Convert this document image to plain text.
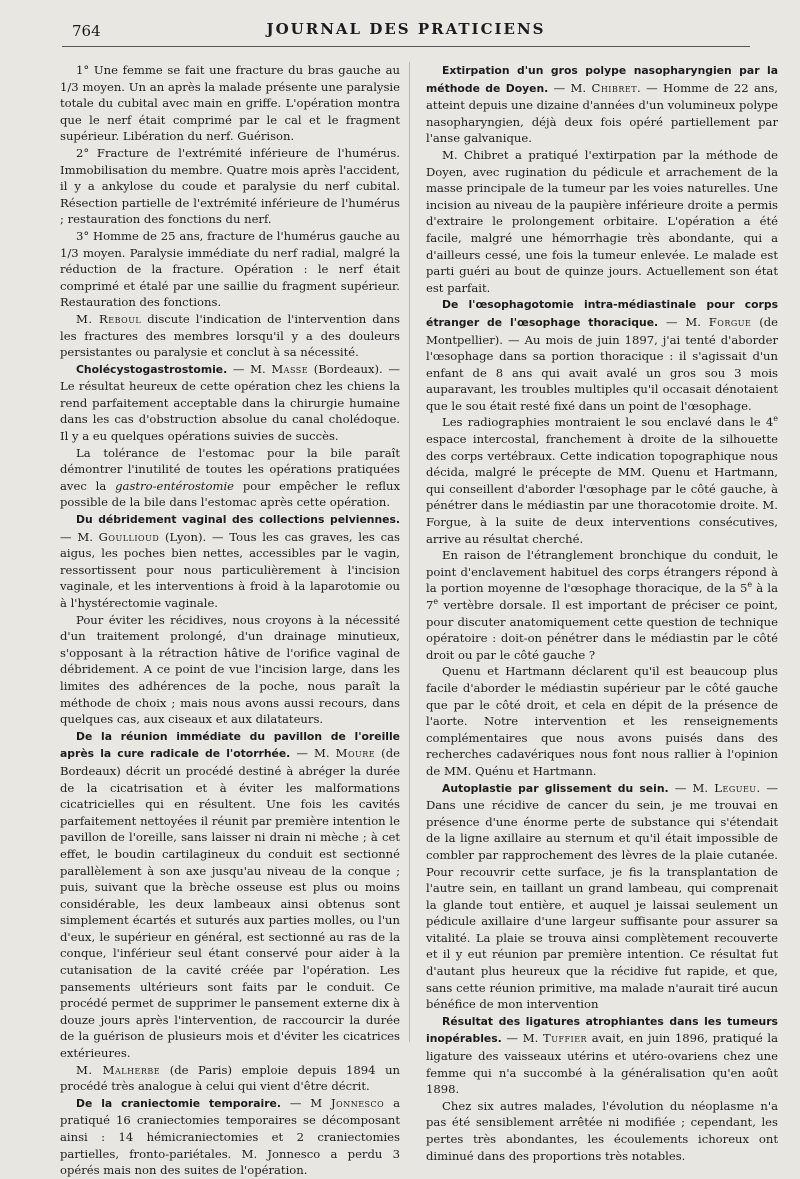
764	JOURNAL DES PRATICIENS

1° Une femme se fait une fracture du bras gauche au 1/3 moyen. Un an après la malade présente une paralysie totale du cubital avec main en griffe. L'opération montra que le nerf était comprimé par le cal et le fragment supérieur. Libération du nerf. Guérison.

2° Fracture de l'extrémité inférieure de l'humérus. Immobilisation du membre. Quatre mois après l'accident, il y a ankylose du coude et paralysie du nerf cubital. Résection partielle de l'extrémité inférieure de l'humérus ; restauration des fonctions du nerf.

3° Homme de 25 ans, fracture de l'humérus gauche au 1/3 moyen. Paralysie immédiate du nerf radial, malgré la réduction de la fracture. Opération : le nerf était comprimé et étalé par une saillie du fragment supérieur. Restauration des fonctions.

M. Reboul discute l'indication de l'intervention dans les fractures des membres lorsqu'il y a des douleurs persistantes ou paralysie et conclut à sa nécessité.

Cholécystogastrostomie. — M. Masse (Bordeaux). — Le résultat heureux de cette opération chez les chiens la rend parfaitement acceptable dans la chirurgie humaine dans les cas d'obstruction absolue du canal cholédoque. Il y a eu quelques opérations suivies de succès.

La tolérance de l'estomac pour la bile paraît démontrer l'inutilité de toutes les opérations pratiquées avec la gastro-entérostomie pour empêcher le reflux possible de la bile dans l'estomac après cette opération.

Du débridement vaginal des collections pelviennes. — M. Goullioud (Lyon). — Tous les cas graves, les cas aigus, les poches bien nettes, accessibles par le vagin, ressortissent pour nous particulièrement à l'incision vaginale, et les interventions à froid à la laparotomie ou à l'hystérectomie vaginale.

Pour éviter les récidives, nous croyons à la nécessité d'un traitement prolongé, d'un drainage minutieux, s'opposant à la rétraction hâtive de l'orifice vaginal de débridement. A ce point de vue l'incision large, dans les limites des adhérences de la poche, nous paraît la méthode de choix ; mais nous avons aussi recours, dans quelques cas, aux ciseaux et aux dilatateurs.

De la réunion immédiate du pavillon de l'oreille après la cure radicale de l'otorrhée. — M. Moure (de Bordeaux) décrit un procédé destiné à abréger la durée de la cicatrisation et à éviter les malformations cicatricielles qui en résultent. Une fois les cavités parfaitement nettoyées il réunit par première intention le pavillon de l'oreille, sans laisser ni drain ni mèche ; à cet effet, le boudin cartilagineux du conduit est sectionné parallèlement à son axe jusqu'au niveau de la conque ; puis, suivant que la brèche osseuse est plus ou moins considérable, les deux lambeaux ainsi obtenus sont simplement écartés et suturés aux parties molles, ou l'un d'eux, le supérieur en général, est sectionné au ras de la conque, l'inférieur seul étant conservé pour aider à la cutanisation de la cavité créée par l'opération. Les pansements ultérieurs sont faits par le conduit. Ce procédé permet de supprimer le pansement externe dix à douze jours après l'intervention, de raccourcir la durée de la guérison de plusieurs mois et d'éviter les cicatrices extérieures.

M. Malherbe (de Paris) emploie depuis 1894 un procédé très analogue à celui qui vient d'être décrit.

De la craniectomie temporaire. — M Jonnesco a pratiqué 16 craniectomies temporaires se décomposant ainsi : 14 hémicraniectomies et 2 craniectomies partielles, fronto-pariétales. M. Jonnesco a perdu 3 opérés mais non des suites de l'opération.

Extirpation d'un gros polype nasopharyngien par la méthode de Doyen. — M. Chibret. — Homme de 22 ans, atteint depuis une dizaine d'années d'un volumineux polype nasopharyngien, déjà deux fois opéré partiellement par l'anse galvanique.

M. Chibret a pratiqué l'extirpation par la méthode de Doyen, avec rugination du pédicule et arrachement de la masse principale de la tumeur par les voies naturelles. Une incision au niveau de la paupière inférieure droite a permis d'extraire le prolongement orbitaire. L'opération a été facile, malgré une hémorrhagie très abondante, qui a d'ailleurs cessé, une fois la tumeur enlevée. Le malade est parti guéri au bout de quinze jours. Actuellement son état est parfait.

De l'œsophagotomie intra-médiastinale pour corps étranger de l'œsophage thoracique. — M. Forgue (de Montpellier). — Au mois de juin 1897, j'ai tenté d'aborder l'œsophage dans sa portion thoracique : il s'agissait d'un enfant de 8 ans qui avait avalé un gros sou 3 mois auparavant, les troubles multiples qu'il occasait dénotaient que le sou était resté fixé dans un point de l'œsophage.

Les radiographies montraient le sou enclavé dans le 4e espace intercostal, franchement à droite de la silhouette des corps vertébraux. Cette indication topographique nous décida, malgré le précepte de MM. Quenu et Hartmann, qui conseillent d'aborder l'œsophage par le côté gauche, à pénétrer dans le médiastin par une thoracotomie droite. M. Forgue, à la suite de deux interventions consécutives, arrive au résultat cherché.

En raison de l'étranglement bronchique du conduit, le point d'enclavement habituel des corps étrangers répond à la portion moyenne de l'œsophage thoracique, de la 5e à la 7e vertèbre dorsale. Il est important de préciser ce point, pour discuter anatomiquement cette question de technique opératoire : doit-on pénétrer dans le médiastin par le côté droit ou par le côté gauche ?

Quenu et Hartmann déclarent qu'il est beaucoup plus facile d'aborder le médiastin supérieur par le côté gauche que par le côté droit, et cela en dépit de la présence de l'aorte. Notre intervention et les renseignements complémentaires que nous avons puisés dans des recherches cadavériques nous font nous rallier à l'opinion de MM. Quénu et Hartmann.

Autoplastie par glissement du sein. — M. Legueu. — Dans une récidive de cancer du sein, je me trouvai en présence d'une énorme perte de substance qui s'étendait de la ligne axillaire au sternum et qu'il était impossible de combler par rapprochement des lèvres de la plaie cutanée. Pour recouvrir cette surface, je fis la transplantation de l'autre sein, en taillant un grand lambeau, qui comprenait la glande tout entière, et auquel je laissai seulement un pédicule axillaire d'une largeur suffisante pour assurer sa vitalité. La plaie se trouva ainsi complètement recouverte et il y eut réunion par première intention. Ce résultat fut d'autant plus heureux que la récidive fut rapide, et que, sans cette réunion primitive, ma malade n'aurait tiré aucun bénéfice de mon intervention

Résultat des ligatures atrophiantes dans les tumeurs inopérables. — M. Tuffier avait, en juin 1896, pratiqué la ligature des vaisseaux utérins et utéro-ovariens chez une femme qui n'a succombé à la généralisation qu'en août 1898.

Chez six autres malades, l'évolution du néoplasme n'a pas été sensiblement arrêtée ni modifiée ; cependant, les pertes très abondantes, les écoulements ichoreux ont diminué dans des proportions très notables.
